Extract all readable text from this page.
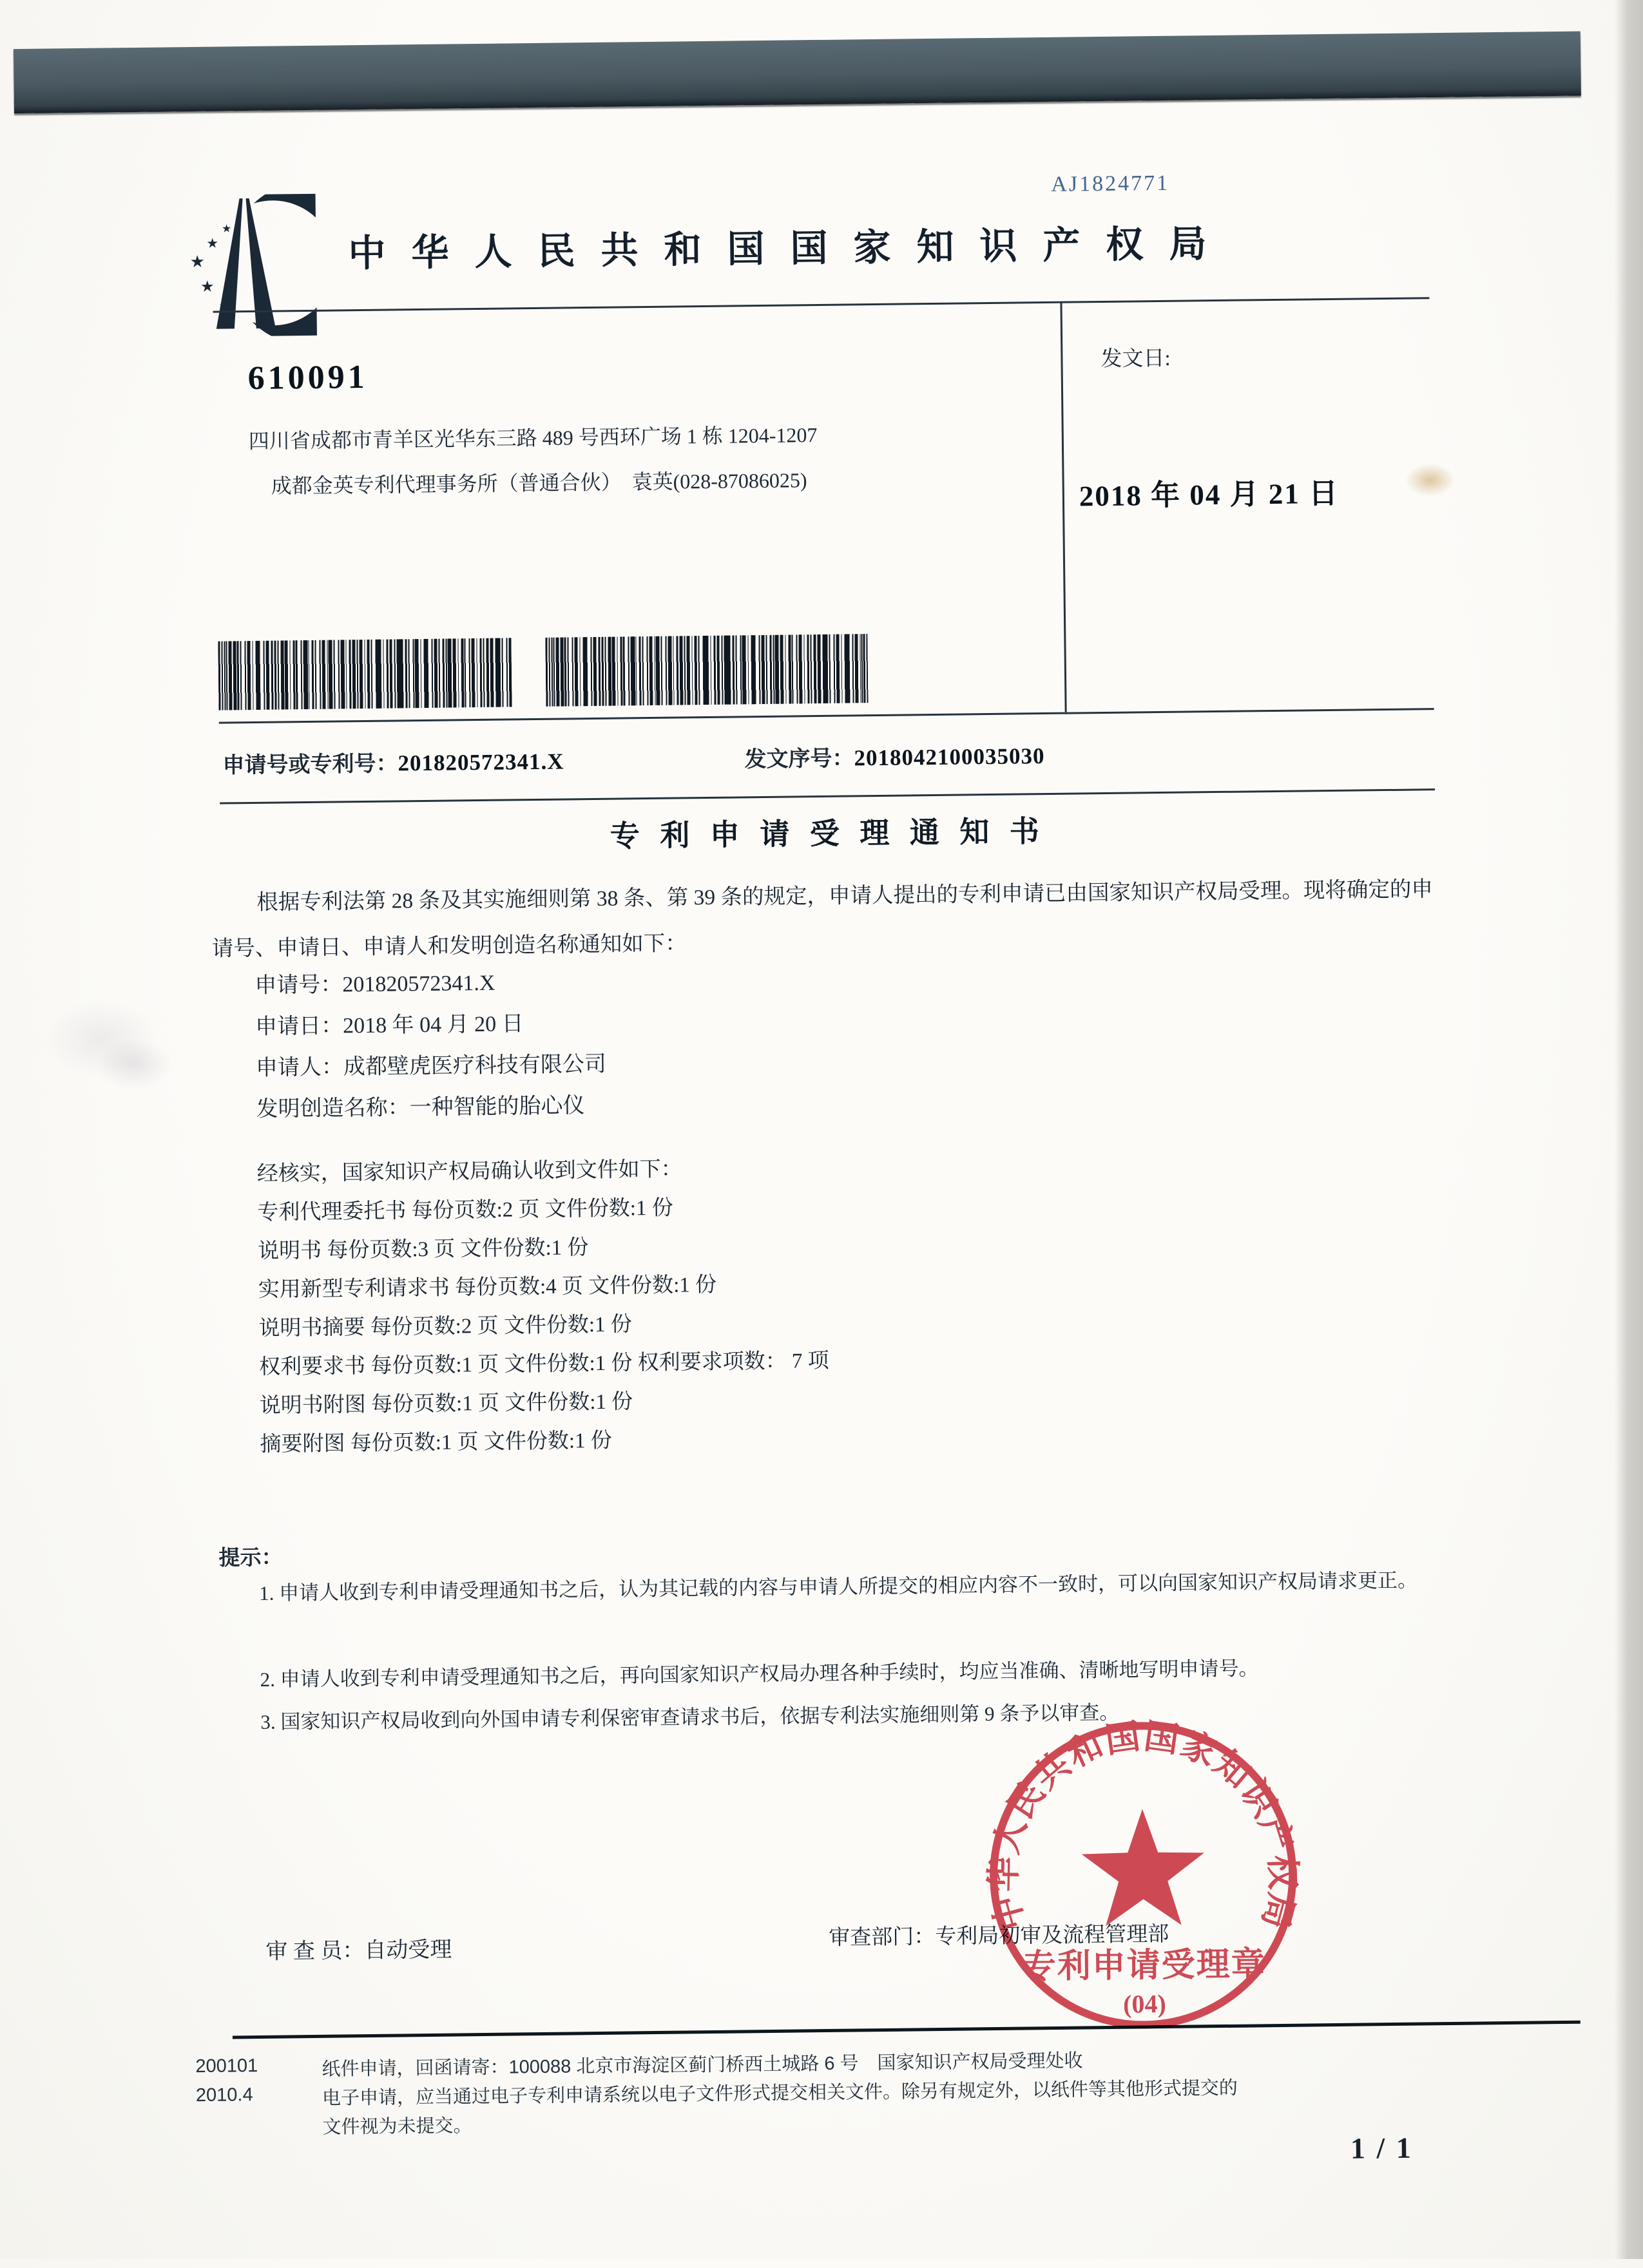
AJ1824771
★
★
★
★
★
中华人民共和国国家知识产权局
610091
四川省成都市青羊区光华东三路 489 号西环广场 1 栋 1204-1207
成都金英专利代理事务所（普通合伙）　袁英(028-87086025)
发文日:
2018 年 04 月 21 日
申请号或专利号：201820572341.X	发文序号：2018042100035030
专 利 申 请 受 理 通 知 书
根据专利法第 28 条及其实施细则第 38 条、第 39 条的规定，申请人提出的专利申请已由国家知识产权局受理。现将确定的申请号、申请日、申请人和发明创造名称通知如下：
申请号：201820572341.X
申请日：2018 年 04 月 20 日
申请人：成都壁虎医疗科技有限公司
发明创造名称：一种智能的胎心仪
经核实，国家知识产权局确认收到文件如下：
专利代理委托书 每份页数:2 页 文件份数:1 份
说明书 每份页数:3 页 文件份数:1 份
实用新型专利请求书 每份页数:4 页 文件份数:1 份
说明书摘要 每份页数:2 页 文件份数:1 份
权利要求书 每份页数:1 页 文件份数:1 份 权利要求项数： 7 项
说明书附图 每份页数:1 页 文件份数:1 份
摘要附图 每份页数:1 页 文件份数:1 份
提示：
1. 申请人收到专利申请受理通知书之后，认为其记载的内容与申请人所提交的相应内容不一致时，可以向国家知识产权局请求更正。
2. 申请人收到专利申请受理通知书之后，再向国家知识产权局办理各种手续时，均应当准确、清晰地写明申请号。
3. 国家知识产权局收到向外国申请专利保密审查请求书后，依据专利法实施细则第 9 条予以审查。
审 查 员：自动受理
审查部门：专利局初审及流程管理部
中华人民共和国国家知识产权局
专利申请受理章
(04)
200101
2010.4
纸件申请，回函请寄：100088 北京市海淀区蓟门桥西土城路 6 号　国家知识产权局受理处收
电子申请，应当通过电子专利申请系统以电子文件形式提交相关文件。除另有规定外，以纸件等其他形式提交的
文件视为未提交。
1 / 1
